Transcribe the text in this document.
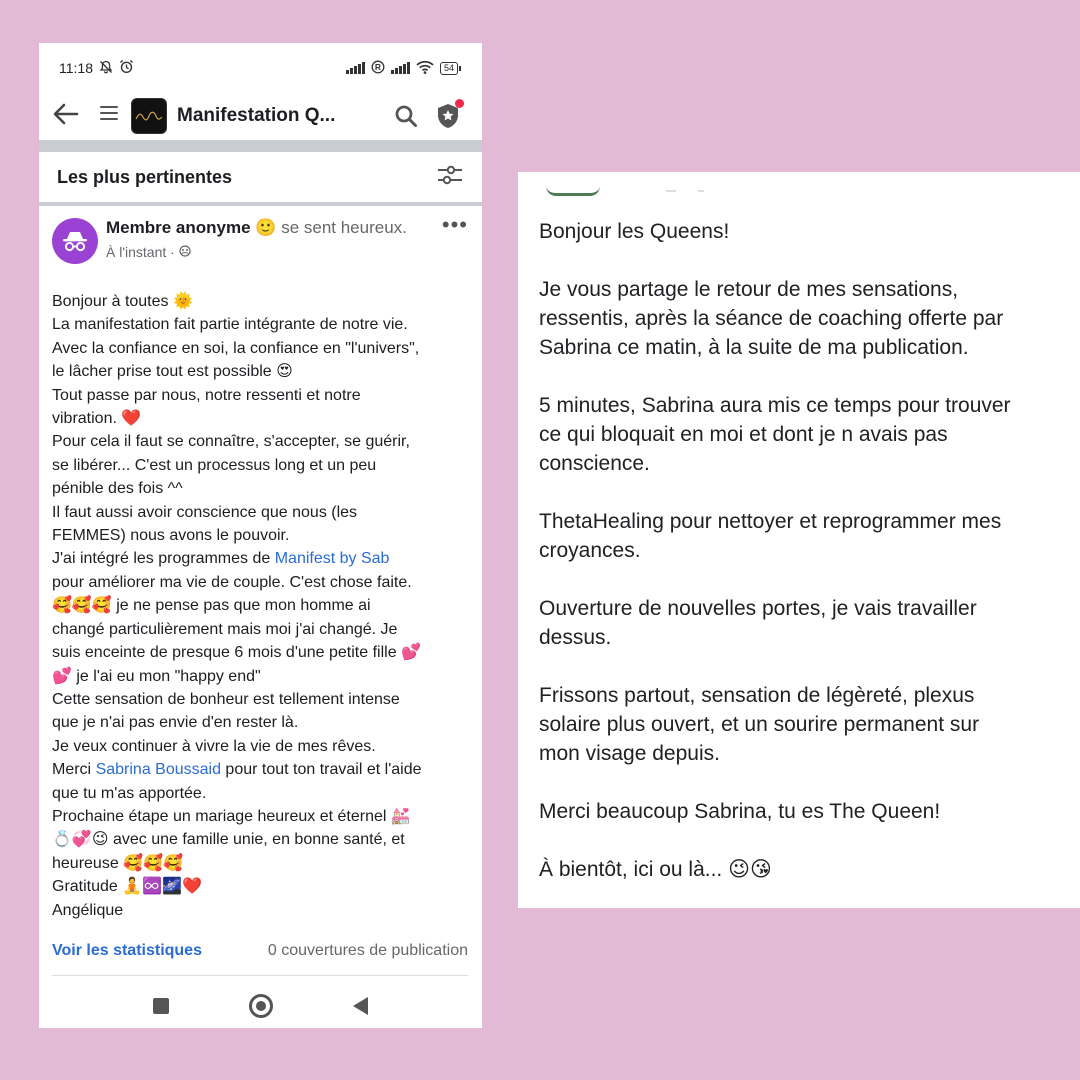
11:18	R	54
Manifestation Q...
Les plus pertinentes
Membre anonyme 🙂 se sent heureux.
À l'instant ·
•••
Bonjour à toutes 🌞
La manifestation fait partie intégrante de notre vie.
Avec la confiance en soi, la confiance en "l'univers",
le lâcher prise tout est possible 😍
Tout passe par nous, notre ressenti et notre
vibration. ❤️
Pour cela il faut se connaître, s'accepter, se guérir,
se libérer... C'est un processus long et un peu
pénible des fois ^^
Il faut aussi avoir conscience que nous (les
FEMMES) nous avons le pouvoir.
J'ai intégré les programmes de Manifest by Sab
pour améliorer ma vie de couple. C'est chose faite.
🥰🥰🥰 je ne pense pas que mon homme ai
changé particulièrement mais moi j'ai changé. Je
suis enceinte de presque 6 mois d'une petite fille 💕
💕 je l'ai eu mon "happy end"
Cette sensation de bonheur est tellement intense
que je n'ai pas envie d'en rester là.
Je veux continuer à vivre la vie de mes rêves.
Merci Sabrina Boussaid pour tout ton travail et l'aide
que tu m'as apportée.
Prochaine étape un mariage heureux et éternel 💒
💍💞😉 avec une famille unie, en bonne santé, et
heureuse 🥰🥰🥰
Gratitude 🧘♾️🌌❤️
Angélique
Voir les statistiques	0 couvertures de publication

Bonjour les Queens!

Je vous partage le retour de mes sensations,
ressentis, après la séance de coaching offerte par
Sabrina ce matin, à la suite de ma publication.

5 minutes, Sabrina aura mis ce temps pour trouver
ce qui bloquait en moi et dont je n avais pas
conscience.

ThetaHealing pour nettoyer et reprogrammer mes
croyances.

Ouverture de nouvelles portes, je vais travailler
dessus.

Frissons partout, sensation de légèreté, plexus
solaire plus ouvert, et un sourire permanent sur
mon visage depuis.

Merci beaucoup Sabrina, tu es The Queen!

À bientôt, ici ou là... 😉😘
